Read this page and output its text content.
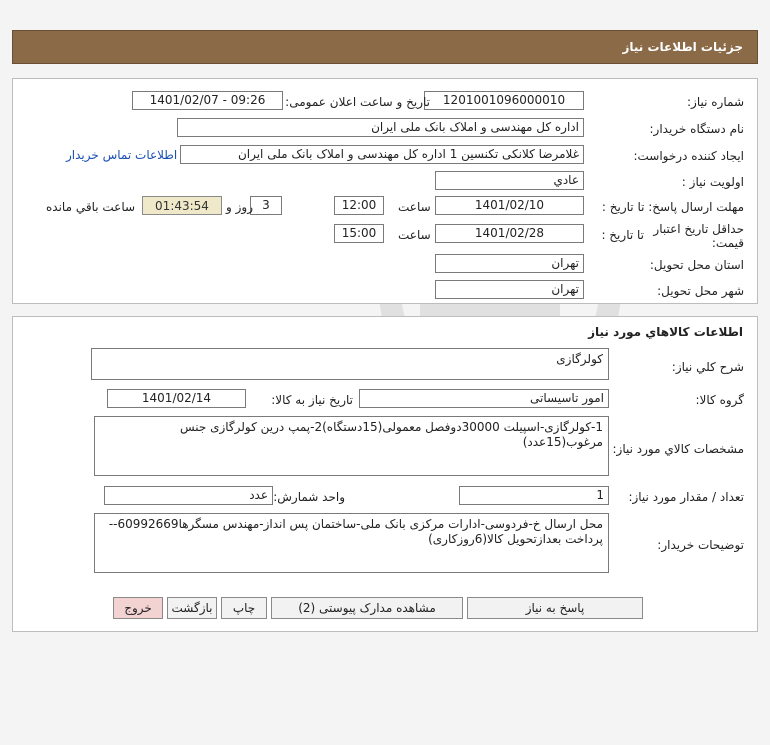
جزئیات اطلاعات نیاز
شماره نیاز:
1201001096000010
تاریخ و ساعت اعلان عمومی:
1401/02/07 - 09:26
نام دستگاه خریدار:
اداره کل مهندسی و املاک بانک ملی ایران
ایجاد کننده درخواست:
غلامرضا کلانکی تکنسین 1 اداره کل مهندسی و املاک بانک ملی ایران
اطلاعات تماس خریدار
اولویت نیاز :
عادي
مهلت ارسال پاسخ: تا تاریخ :
1401/02/10
ساعت
12:00
3
روز و
01:43:54
ساعت باقي مانده
حداقل تاریخ اعتبار قیمت:
تا تاریخ :
1401/02/28
ساعت
15:00
استان محل تحویل:
تهران
شهر محل تحویل:
تهران
اطلاعات کالاهاي مورد نياز
شرح کلي نياز:
کولرگازی
گروه کالا:
امور تاسیساتی
تاریخ نیاز به کالا:
1401/02/14
مشخصات کالاي مورد نياز:
1-کولرگازی-اسپیلت 30000دوفصل معمولی(15دستگاه)2-پمپ درین کولرگازی جنس مرغوب(15عدد)
تعداد / مقدار مورد نیاز:
1
واحد شمارش:
عدد
توضیحات خریدار:
محل ارسال خ-فردوسی-ادارات مرکزی بانک ملی-ساختمان پس انداز-مهندس مسگرها60992669-- پرداخت بعدازتحویل کالا(6روزکاری)
پاسخ به نیاز
مشاهده مدارک پیوستی (2)
چاپ
بازگشت
خروج
